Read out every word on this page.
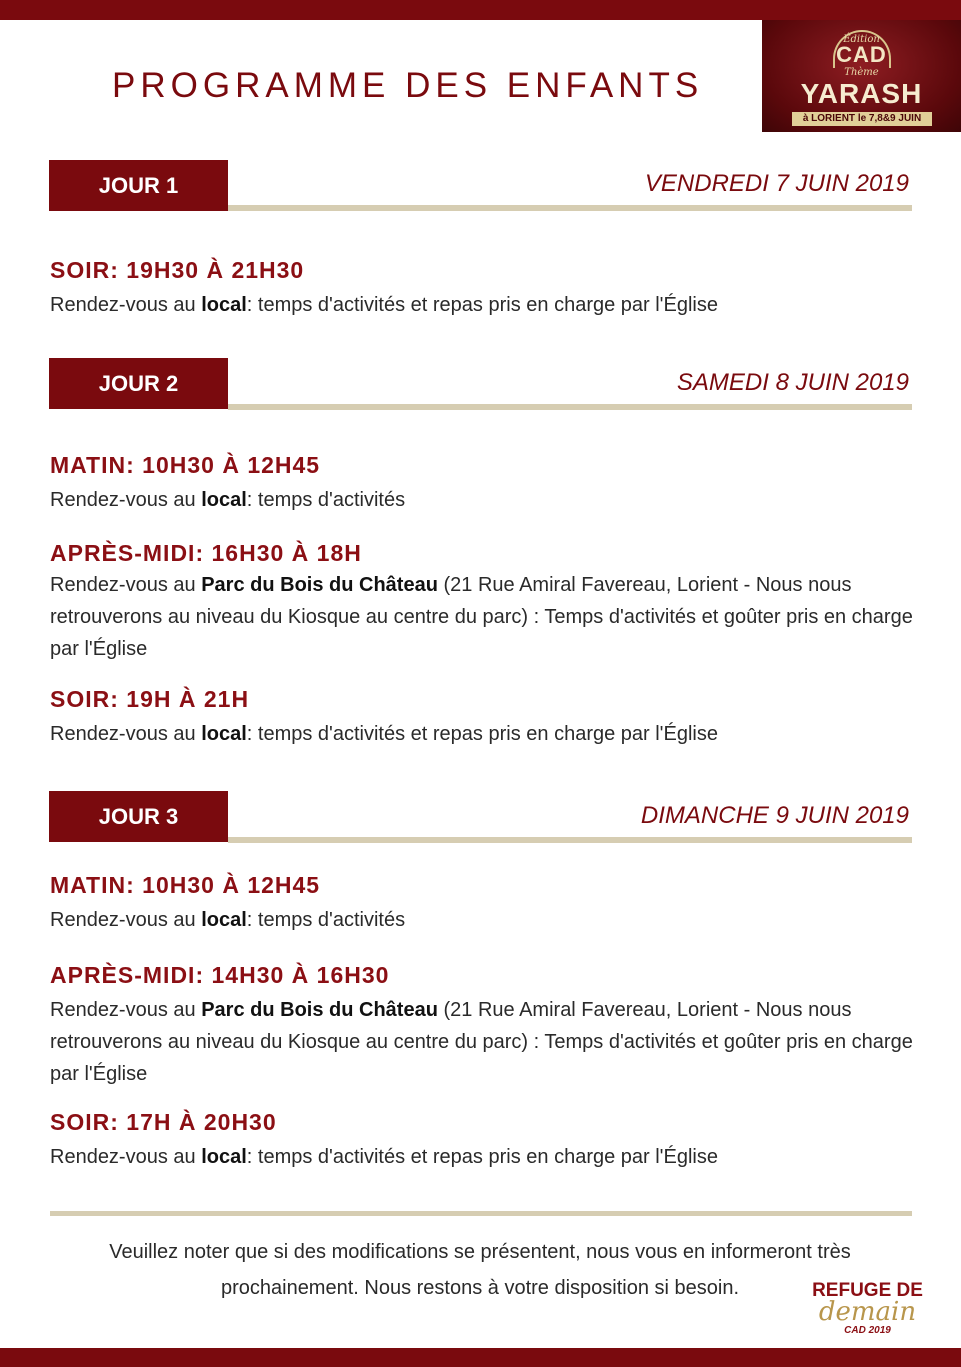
PROGRAMME DES ENFANTS
Édition
CAD
Thème
YARASH
à LORIENT le 7,8&9 JUIN
JOUR 1	VENDREDI 7 JUIN 2019
SOIR: 19H30 À 21H30

Rendez-vous au local: temps d'activités et repas pris en charge par l'Église

JOUR 2	SAMEDI 8 JUIN 2019
MATIN: 10H30 À 12H45

Rendez-vous au local: temps d'activités

APRÈS-MIDI: 16H30 À 18H

Rendez-vous au Parc du Bois du Château (21 Rue Amiral Favereau, Lorient - Nous nous retrouverons au niveau du Kiosque au centre du parc) : Temps d'activités et goûter pris en charge par l'Église

SOIR: 19H À 21H

Rendez-vous au local: temps d'activités et repas pris en charge par l'Église

JOUR 3	DIMANCHE 9 JUIN 2019
MATIN: 10H30 À 12H45

Rendez-vous au local: temps d'activités

APRÈS-MIDI: 14H30 À 16H30

Rendez-vous au Parc du Bois du Château (21 Rue Amiral Favereau, Lorient - Nous nous retrouverons au niveau du Kiosque au centre du parc) : Temps d'activités et goûter pris en charge par l'Église

SOIR: 17H À 20H30

Rendez-vous au local: temps d'activités et repas pris en charge par l'Église

Veuillez noter que si des modifications se présentent, nous vous en informeront très prochainement. Nous restons à votre disposition si besoin.	REFUGE DE
demain
CAD 2019
